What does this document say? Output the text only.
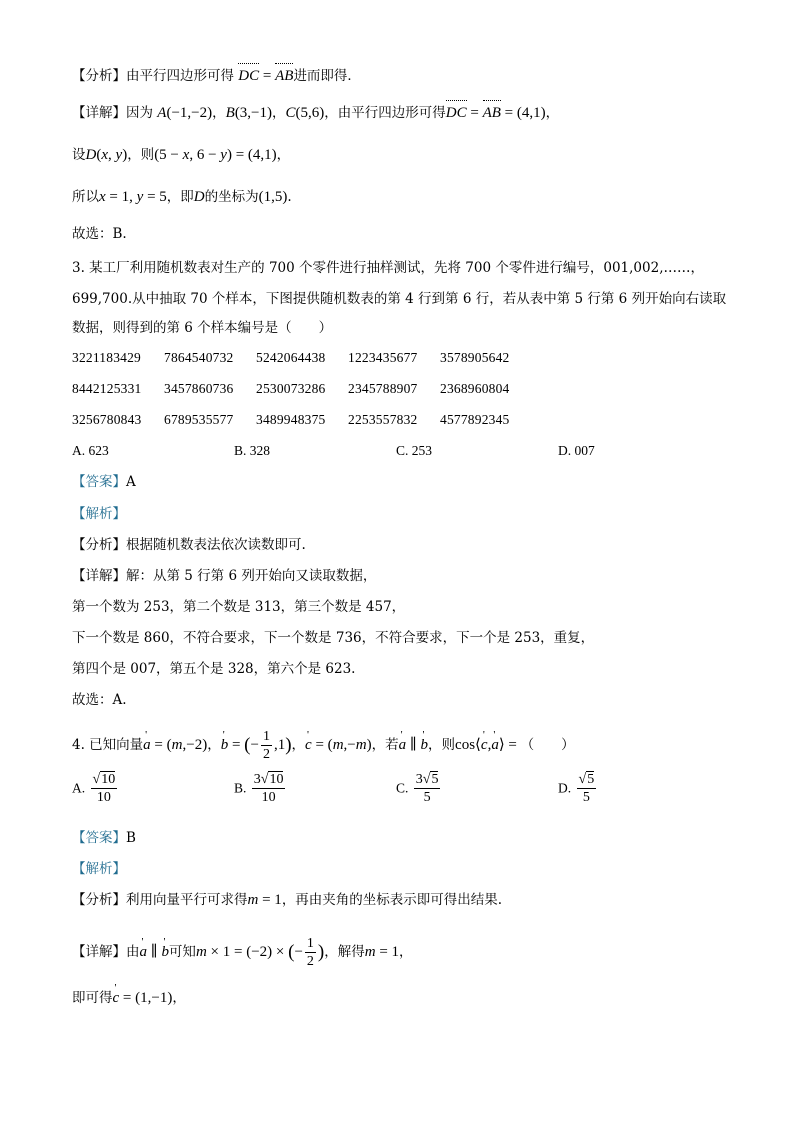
【分析】由平行四边形可得 DC = AB进而即得．
【详解】因为 A(−1,−2)，B(3,−1)，C(5,6)，由平行四边形可得DC = AB = (4,1)，
设D(x, y)，则(5 − x, 6 − y) = (4,1)，
所以x = 1, y = 5，即D的坐标为(1,5).
故选：B.
3. 某工厂利用随机数表对生产的 700 个零件进行抽样测试，先将 700 个零件进行编号，001,002,……，
699,700.从中抽取 70 个样本，下图提供随机数表的第 4 行到第 6 行，若从表中第 5 行第 6 列开始向右读取
数据，则得到的第 6 个样本编号是（　　）
3221183429 7864540732 5242064438 1223435677 3578905642
8442125331 3457860736 2530073286 2345788907 2368960804
3256780843 6789535577 3489948375 2253557832 4577892345
A. 623	B. 328	C. 253	D. 007
【答案】A
【解析】
【分析】根据随机数表法依次读数即可.
【详解】解：从第 5 行第 6 列开始向又读取数据，
第一个数为 253，第二个数是 313，第三个数是 457，
下一个数是 860，不符合要求，下一个数是 736，不符合要求，下一个是 253，重复，
第四个是 007，第五个是 328，第六个是 623.
故选：A.
4. 已知向量' a = (m,−2)，' b = (− $\frac{1}{2} ,1$)，' c = (m,−m)，若' a ∥ ' b，则cos⟨' c,' a⟩ = （　　）
A. $\frac{√10}{10}$	B. $\frac{3√10}{10}$	C. $\frac{3√5}{5}$	D. $\frac{√5}{5}$
【答案】B
【解析】
【分析】利用向量平行可求得m = 1，再由夹角的坐标表示即可得出结果.
【详解】由' a ∥ ' b可知m × 1 = (−2) × (− $\frac{1}{2}$ )，解得m = 1，
即可得' c = (1,−1)，
